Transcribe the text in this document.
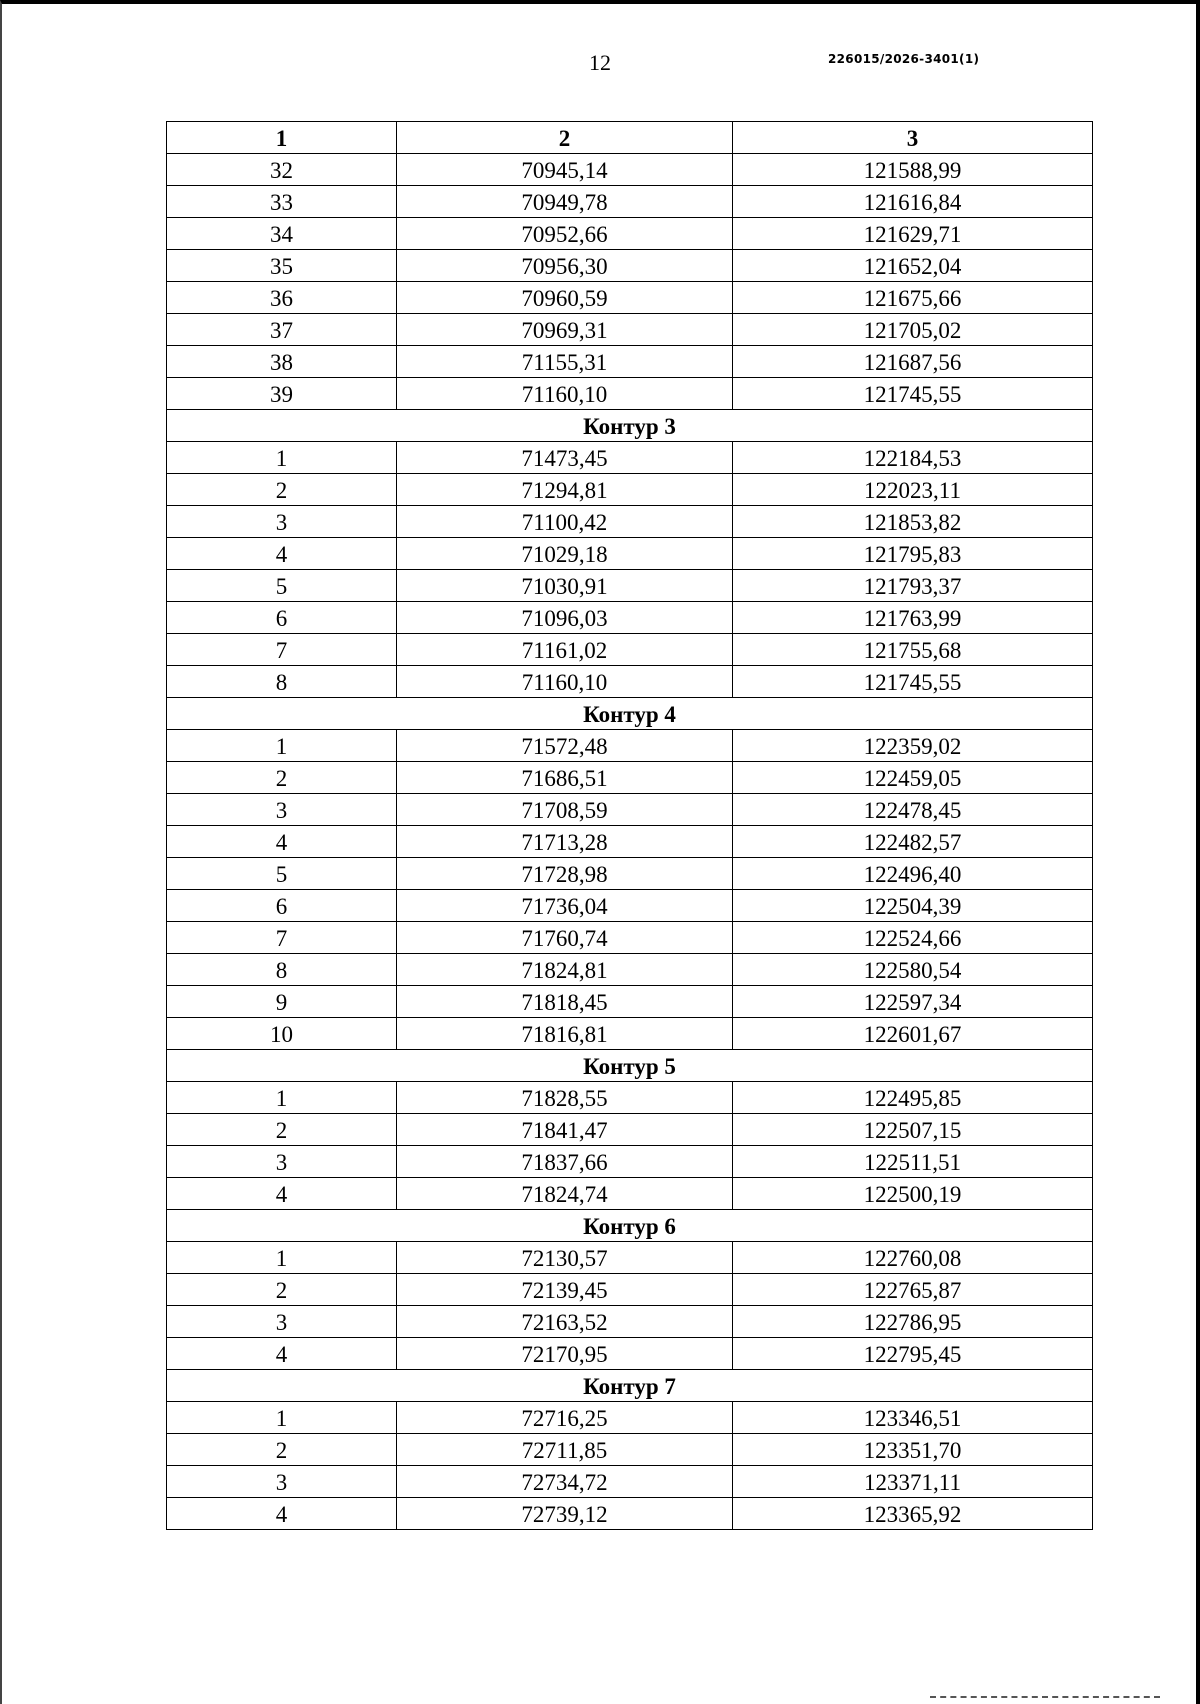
12	226015/2026-3401(1)
1	2	3
32	70945,14	121588,99
33	70949,78	121616,84
34	70952,66	121629,71
35	70956,30	121652,04
36	70960,59	121675,66
37	70969,31	121705,02
38	71155,31	121687,56
39	71160,10	121745,55
Контур 3		
1	71473,45	122184,53
2	71294,81	122023,11
3	71100,42	121853,82
4	71029,18	121795,83
5	71030,91	121793,37
6	71096,03	121763,99
7	71161,02	121755,68
8	71160,10	121745,55
Контур 4		
1	71572,48	122359,02
2	71686,51	122459,05
3	71708,59	122478,45
4	71713,28	122482,57
5	71728,98	122496,40
6	71736,04	122504,39
7	71760,74	122524,66
8	71824,81	122580,54
9	71818,45	122597,34
10	71816,81	122601,67
Контур 5		
1	71828,55	122495,85
2	71841,47	122507,15
3	71837,66	122511,51
4	71824,74	122500,19
Контур 6		
1	72130,57	122760,08
2	72139,45	122765,87
3	72163,52	122786,95
4	72170,95	122795,45
Контур 7		
1	72716,25	123346,51
2	72711,85	123351,70
3	72734,72	123371,11
4	72739,12	123365,92
